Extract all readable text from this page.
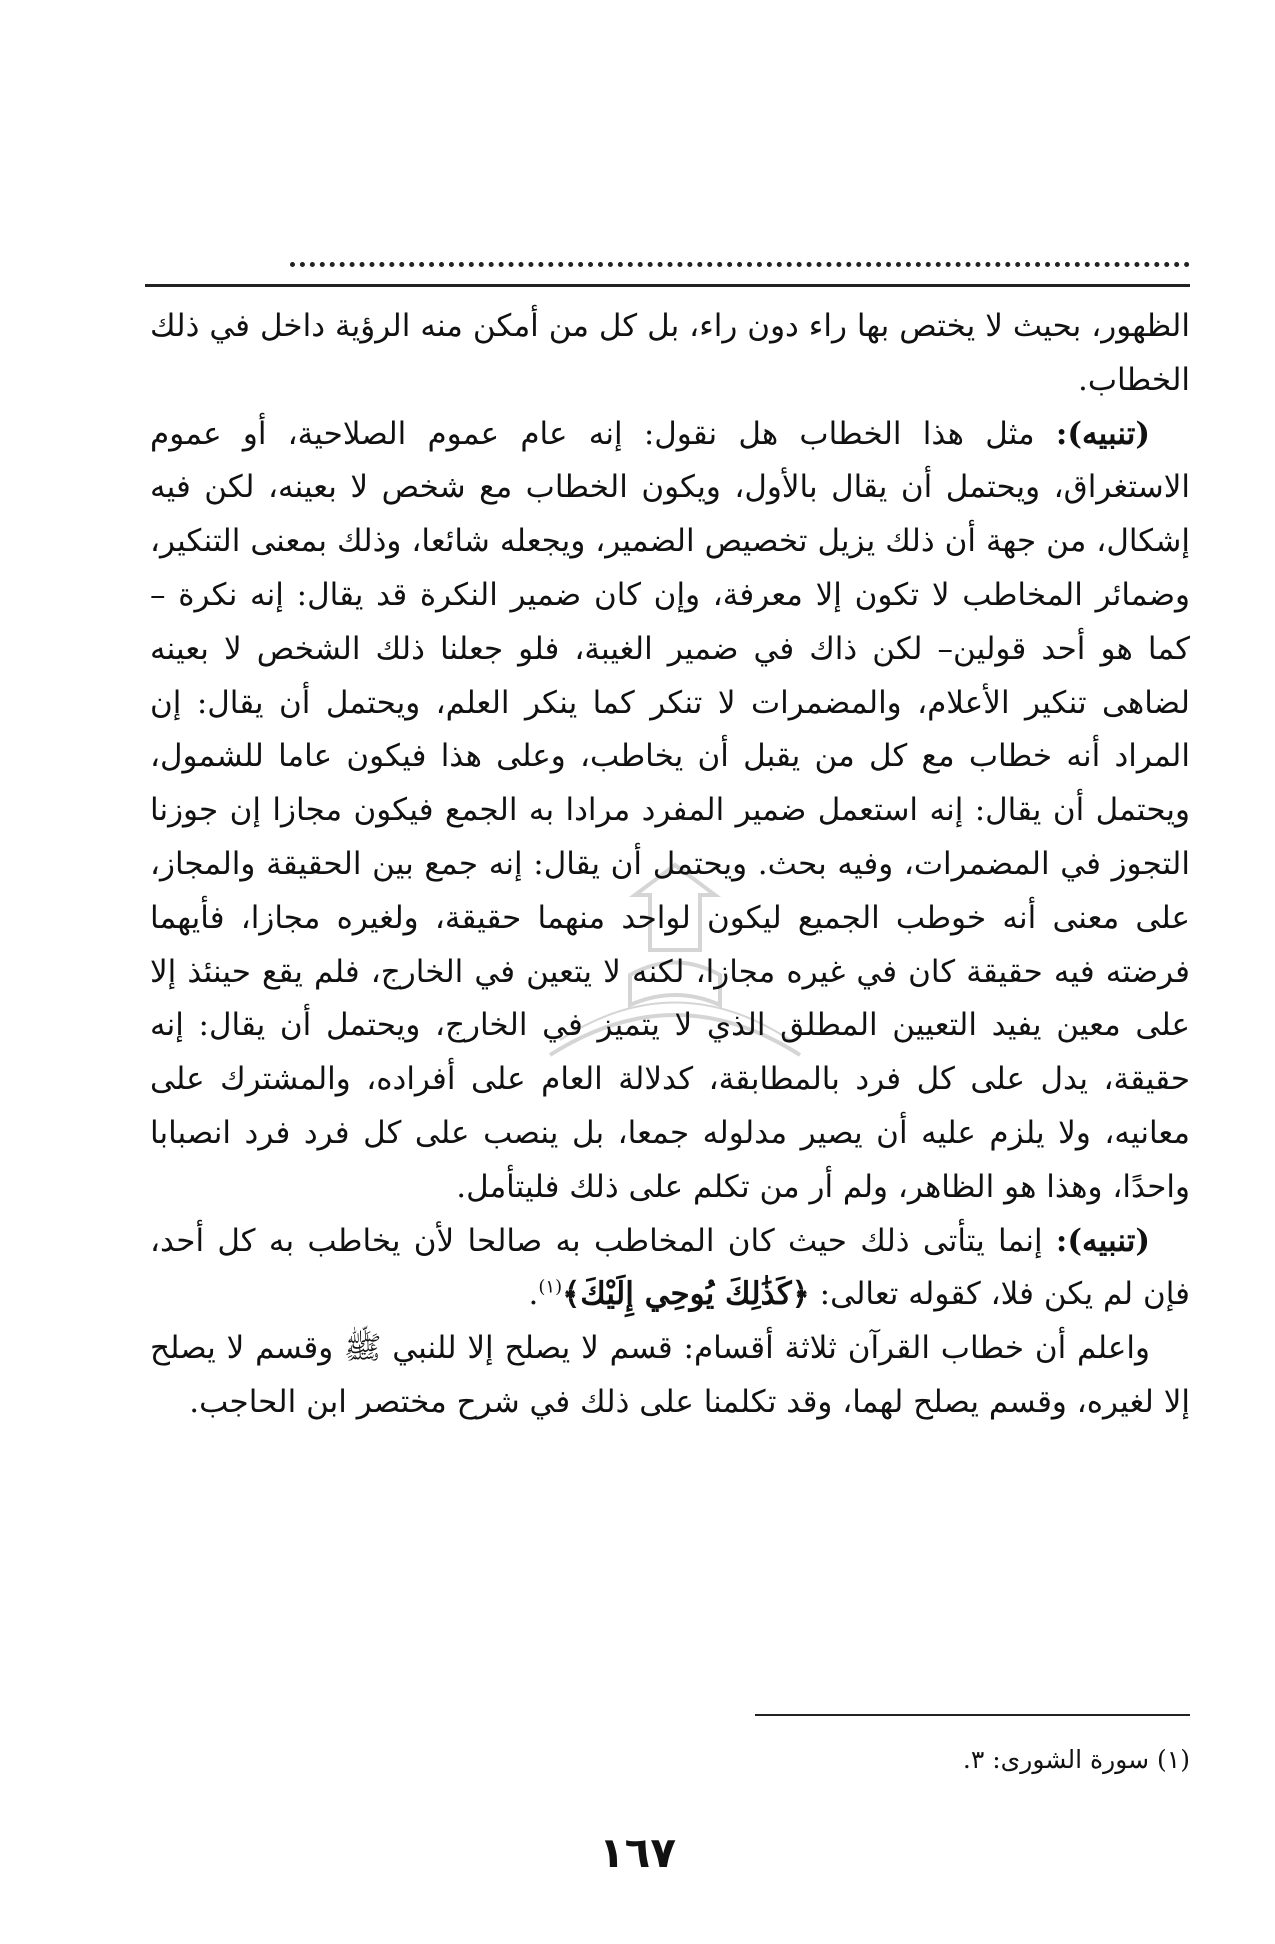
الظهور، بحيث لا يختص بها راء دون راء، بل كل من أمكن منه الرؤية داخل في ذلك الخطاب.

(تنبيه): مثل هذا الخطاب هل نقول: إنه عام عموم الصلاحية، أو عموم الاستغراق، ويحتمل أن يقال بالأول، ويكون الخطاب مع شخص لا بعينه، لكن فيه إشكال، من جهة أن ذلك يزيل تخصيص الضمير، ويجعله شائعا، وذلك بمعنى التنكير، وضمائر المخاطب لا تكون إلا معرفة، وإن كان ضمير النكرة قد يقال: إنه نكرة –كما هو أحد قولين– لكن ذاك في ضمير الغيبة، فلو جعلنا ذلك الشخص لا بعينه لضاهى تنكير الأعلام، والمضمرات لا تنكر كما ينكر العلم، ويحتمل أن يقال: إن المراد أنه خطاب مع كل من يقبل أن يخاطب، وعلى هذا فيكون عاما للشمول، ويحتمل أن يقال: إنه استعمل ضمير المفرد مرادا به الجمع فيكون مجازا إن جوزنا التجوز في المضمرات، وفيه بحث. ويحتمل أن يقال: إنه جمع بين الحقيقة والمجاز، على معنى أنه خوطب الجميع ليكون لواحد منهما حقيقة، ولغيره مجازا، فأيهما فرضته فيه حقيقة كان في غيره مجازا، لكنه لا يتعين في الخارج، فلم يقع حينئذ إلا على معين يفيد التعيين المطلق الذي لا يتميز في الخارج، ويحتمل أن يقال: إنه حقيقة، يدل على كل فرد بالمطابقة، كدلالة العام على أفراده، والمشترك على معانيه، ولا يلزم عليه أن يصير مدلوله جمعا، بل ينصب على كل فرد فرد انصبابا واحدًا، وهذا هو الظاهر، ولم أر من تكلم على ذلك فليتأمل.

(تنبيه): إنما يتأتى ذلك حيث كان المخاطب به صالحا لأن يخاطب به كل أحد، فإن لم يكن فلا، كقوله تعالى: ﴿كَذَٰلِكَ يُوحِي إِلَيْكَ﴾$^{(١)}$.

واعلم أن خطاب القرآن ثلاثة أقسام: قسم لا يصلح إلا للنبي ﷺ وقسم لا يصلح إلا لغيره، وقسم يصلح لهما، وقد تكلمنا على ذلك في شرح مختصر ابن الحاجب.

(١) سورة الشورى: ٣.
١٦٧
